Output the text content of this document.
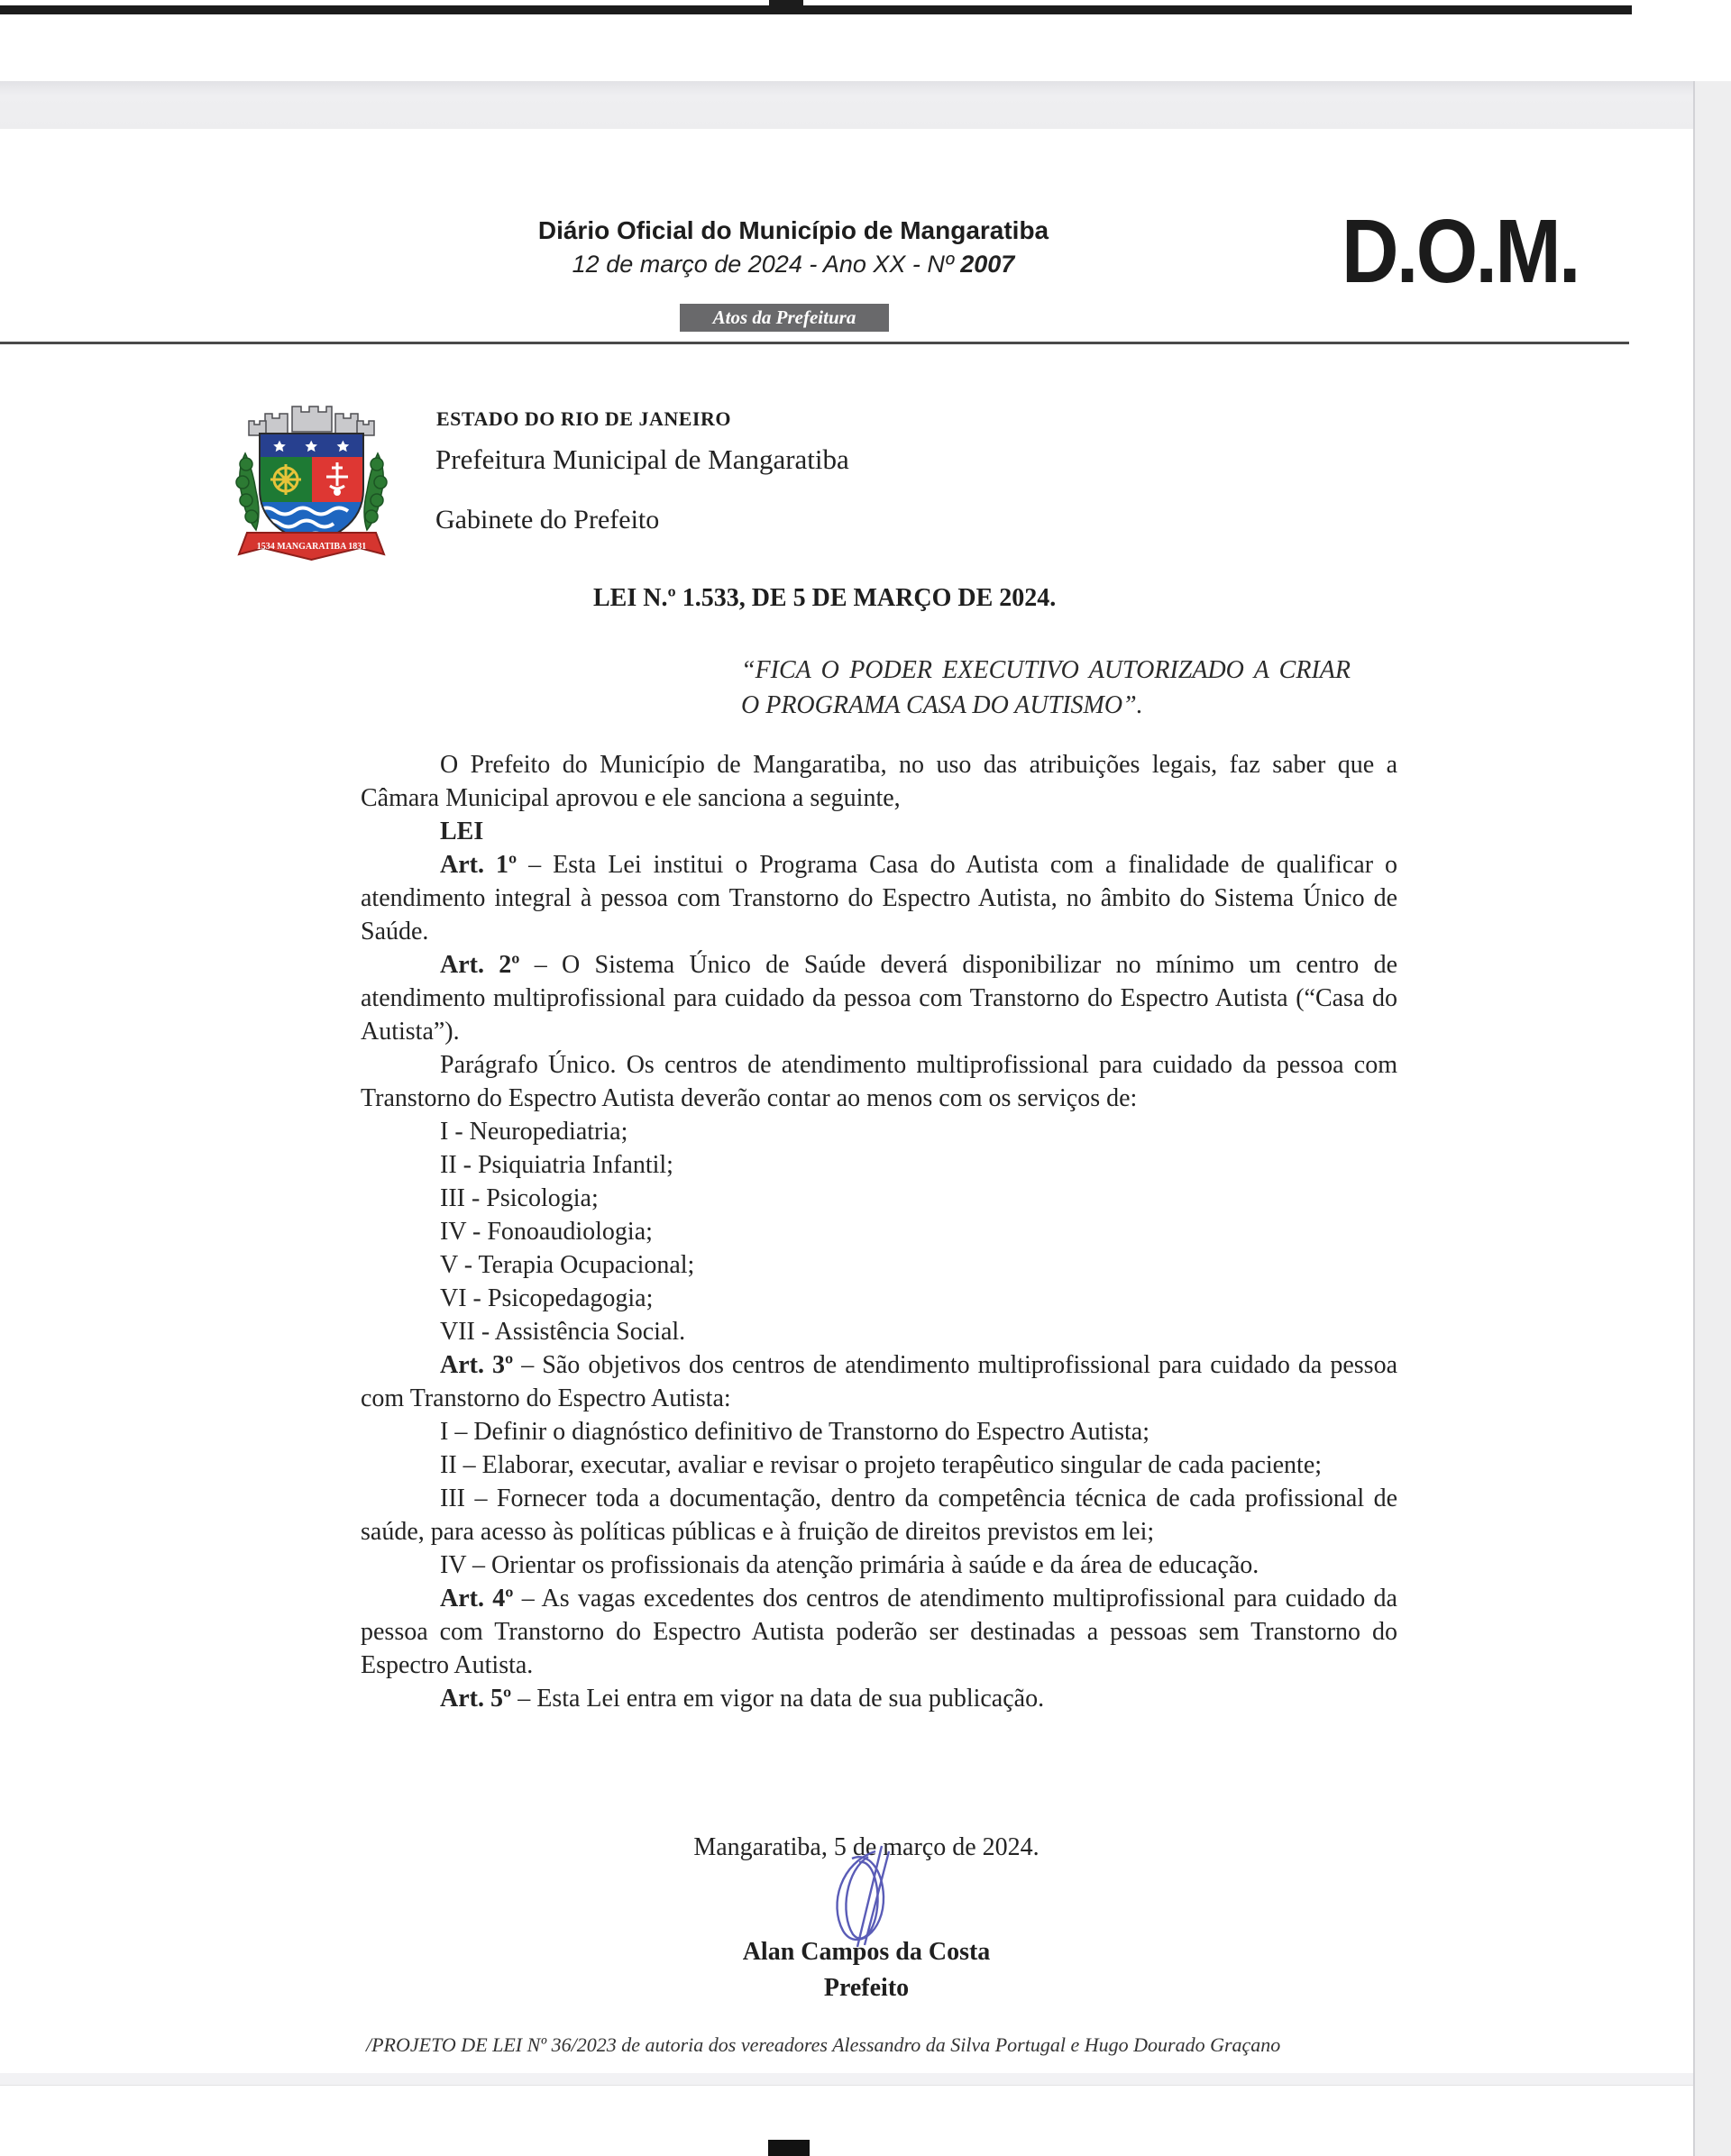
Diário Oficial do Município de Mangaratiba
12 de março de 2024 - Ano XX - Nº 2007	D.O.M.
Atos da Prefeitura
1534 MANGARATIBA 1831
ESTADO DO RIO DE JANEIRO
Prefeitura Municipal de Mangaratiba
Gabinete do Prefeito
LEI N.º 1.533, DE 5 DE MARÇO DE 2024.
“FICA O PODER EXECUTIVO AUTORIZADO A CRIAR O PROGRAMA CASA DO AUTISMO”.

O Prefeito do Município de Mangaratiba, no uso das atribuições legais, faz saber que a Câmara Municipal aprovou e ele sanciona a seguinte,

LEI

Art. 1º – Esta Lei institui o Programa Casa do Autista com a finalidade de qualificar o atendimento integral à pessoa com Transtorno do Espectro Autista, no âmbito do Sistema Único de Saúde.

Art. 2º – O Sistema Único de Saúde deverá disponibilizar no mínimo um centro de atendimento multiprofissional para cuidado da pessoa com Transtorno do Espectro Autista (“Casa do Autista”).

Parágrafo Único. Os centros de atendimento multiprofissional para cuidado da pessoa com Transtorno do Espectro Autista deverão contar ao menos com os serviços de:

I - Neuropediatria;

II - Psiquiatria Infantil;

III - Psicologia;

IV - Fonoaudiologia;

V - Terapia Ocupacional;

VI - Psicopedagogia;

VII - Assistência Social.

Art. 3º – São objetivos dos centros de atendimento multiprofissional para cuidado da pessoa com Transtorno do Espectro Autista:

I – Definir o diagnóstico definitivo de Transtorno do Espectro Autista;

II – Elaborar, executar, avaliar e revisar o projeto terapêutico singular de cada paciente;

III – Fornecer toda a documentação, dentro da competência técnica de cada profissional de saúde, para acesso às políticas públicas e à fruição de direitos previstos em lei;

IV – Orientar os profissionais da atenção primária à saúde e da área de educação.

Art. 4º – As vagas excedentes dos centros de atendimento multiprofissional para cuidado da pessoa com Transtorno do Espectro Autista poderão ser destinadas a pessoas sem Transtorno do Espectro Autista.

Art. 5º – Esta Lei entra em vigor na data de sua publicação.

Mangaratiba, 5 de março de 2024.
Alan Campos da Costa
Prefeito
/PROJETO DE LEI Nº 36/2023 de autoria dos vereadores Alessandro da Silva Portugal e Hugo Dourado Graçano
